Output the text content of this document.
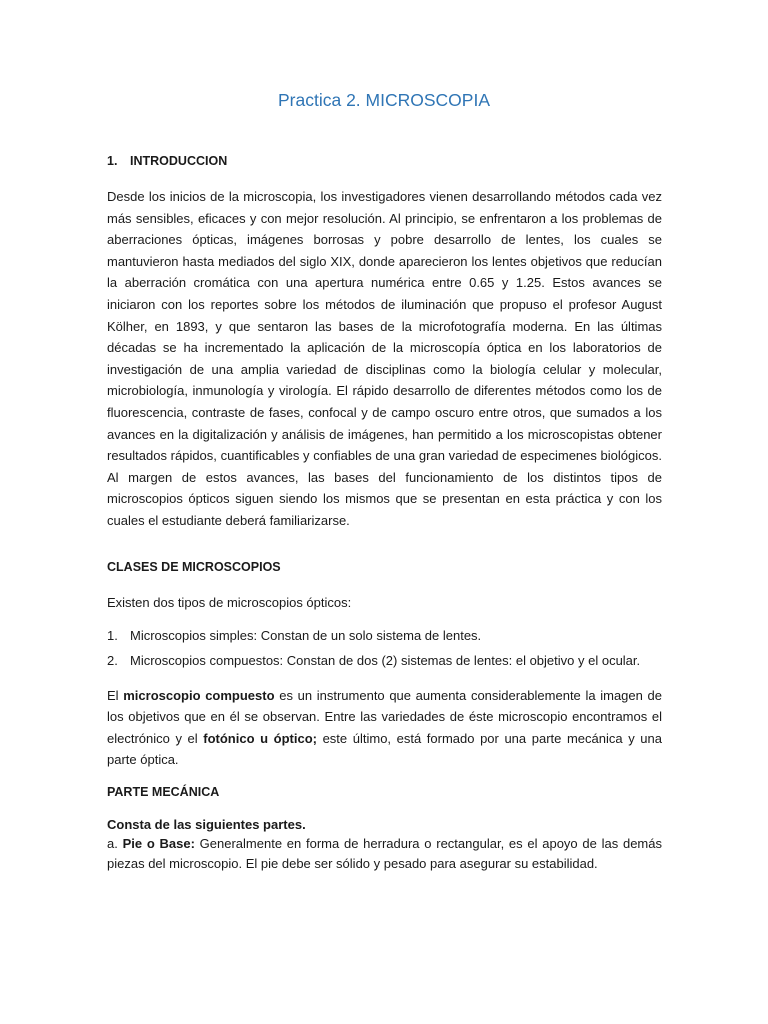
Practica 2. MICROSCOPIA
1.	INTRODUCCION

Desde los inicios de la microscopia, los investigadores vienen desarrollando métodos cada vez más sensibles, eficaces y con mejor resolución. Al principio, se enfrentaron a los problemas de aberraciones ópticas, imágenes borrosas y pobre desarrollo de lentes, los cuales se mantuvieron hasta mediados del siglo XIX, donde aparecieron los lentes objetivos que reducían la aberración cromática con una apertura numérica entre 0.65 y 1.25. Estos avances se iniciaron con los reportes sobre los métodos de iluminación que propuso el profesor August Kölher, en 1893, y que sentaron las bases de la microfotografía moderna. En las últimas décadas se ha incrementado la aplicación de la microscopía óptica en los laboratorios de investigación de una amplia variedad de disciplinas como la biología celular y molecular, microbiología, inmunología y virología. El rápido desarrollo de diferentes métodos como los de fluorescencia, contraste de fases, confocal y de campo oscuro entre otros, que sumados a los avances en la digitalización y análisis de imágenes, han permitido a los microscopistas obtener resultados rápidos, cuantificables y confiables de una gran variedad de especimenes biológicos. Al margen de estos avances, las bases del funcionamiento de los distintos tipos de microscopios ópticos siguen siendo los mismos que se presentan en esta práctica y con los cuales el estudiante deberá familiarizarse.

CLASES DE MICROSCOPIOS

Existen dos tipos de microscopios ópticos:

1. Microscopios simples: Constan de un solo sistema de lentes.
2. Microscopios compuestos: Constan de dos (2) sistemas de lentes: el objetivo y el ocular.

El microscopio compuesto es un instrumento que aumenta considerablemente la imagen de los objetivos que en él se observan. Entre las variedades de éste microscopio encontramos el electrónico y el fotónico u óptico; este último, está formado por una parte mecánica y una parte óptica.

PARTE MECÁNICA

Consta de las siguientes partes.

a. Pie o Base: Generalmente en forma de herradura o rectangular, es el apoyo de las demás piezas del microscopio. El pie debe ser sólido y pesado para asegurar su estabilidad.
